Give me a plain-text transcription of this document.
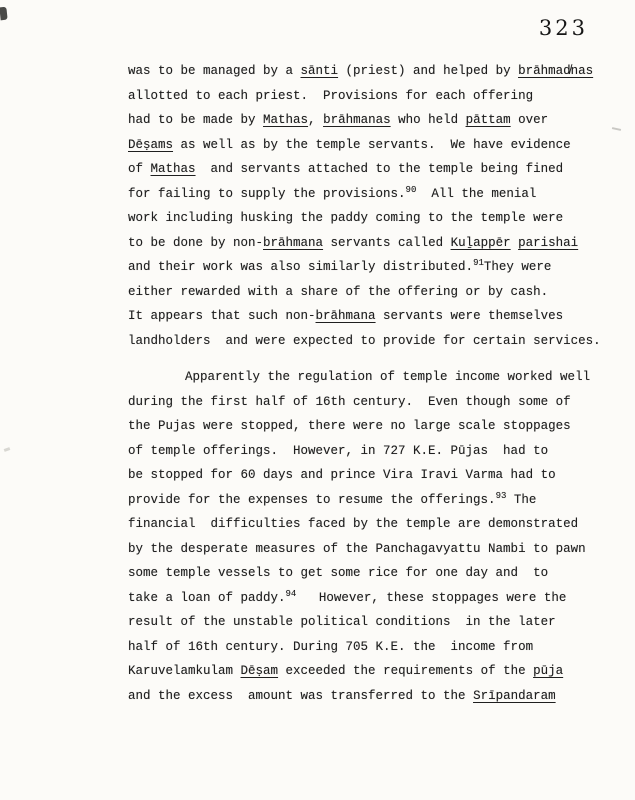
323
was to be managed by a sānti (priest) and helped by brāhmad̸nas
allotted to each priest.  Provisions for each offering
had to be made by Mathas, brāhmanas who held pāttam over
Dēṣams as well as by the temple servants.  We have evidence
of Mathas  and servants attached to the temple being fined
for failing to supply the provisions.$^{90}$  All the menial
work including husking the paddy coming to the temple were
to be done by non-brāhmana servants called Kuḻappēr parishai
and their work was also similarly distributed.$^{91}$They were
either rewarded with a share of the offering or by cash.
It appears that such non-brāhmana servants were themselves
landholders  and were expected to provide for certain services.
Apparently the regulation of temple income worked well
during the first half of 16th century.  Even though some of
the Pujas were stopped, there were no large scale stoppages
of temple offerings.  However, in 727 K.E. Pūjas  had to
be stopped for 60 days and prince Vira Iravi Varma had to
provide for the expenses to resume the offerings.$^{93}$ The
financial  difficulties faced by the temple are demonstrated
by the desperate measures of the Panchagavyattu Nambi to pawn
some temple vessels to get some rice for one day and  to
take a loan of paddy.$^{94}$   However, these stoppages were the
result of the unstable political conditions  in the later
half of 16th century. During 705 K.E. the  income from
Karuvelamkulam Dēṣam exceeded the requirements of the pūja
and the excess  amount was transferred to the Srīpandaram
